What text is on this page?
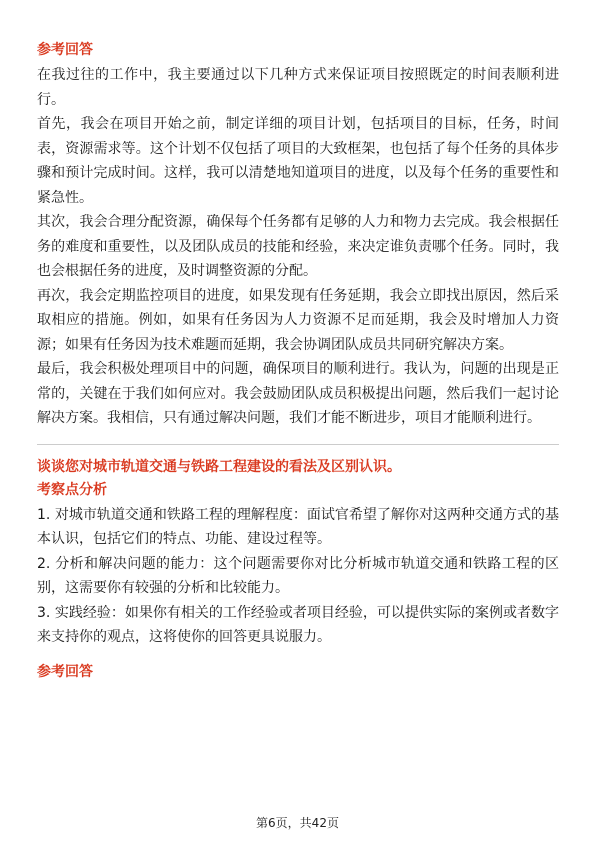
参考回答

在我过往的工作中，我主要通过以下几种方式来保证项目按照既定的时间表顺利进行。

首先，我会在项目开始之前，制定详细的项目计划，包括项目的目标，任务，时间表，资源需求等。这个计划不仅包括了项目的大致框架，也包括了每个任务的具体步骤和预计完成时间。这样，我可以清楚地知道项目的进度，以及每个任务的重要性和紧急性。

其次，我会合理分配资源，确保每个任务都有足够的人力和物力去完成。我会根据任务的难度和重要性，以及团队成员的技能和经验，来决定谁负责哪个任务。同时，我也会根据任务的进度，及时调整资源的分配。

再次，我会定期监控项目的进度，如果发现有任务延期，我会立即找出原因，然后采取相应的措施。例如，如果有任务因为人力资源不足而延期，我会及时增加人力资源；如果有任务因为技术难题而延期，我会协调团队成员共同研究解决方案。

最后，我会积极处理项目中的问题，确保项目的顺利进行。我认为，问题的出现是正常的，关键在于我们如何应对。我会鼓励团队成员积极提出问题，然后我们一起讨论解决方案。我相信，只有通过解决问题，我们才能不断进步，项目才能顺利进行。

谈谈您对城市轨道交通与铁路工程建设的看法及区别认识。
考察点分析

1. 对城市轨道交通和铁路工程的理解程度：面试官希望了解你对这两种交通方式的基本认识，包括它们的特点、功能、建设过程等。

2. 分析和解决问题的能力：这个问题需要你对比分析城市轨道交通和铁路工程的区别，这需要你有较强的分析和比较能力。

3. 实践经验：如果你有相关的工作经验或者项目经验，可以提供实际的案例或者数字来支持你的观点，这将使你的回答更具说服力。

参考回答
第6页，共42页
